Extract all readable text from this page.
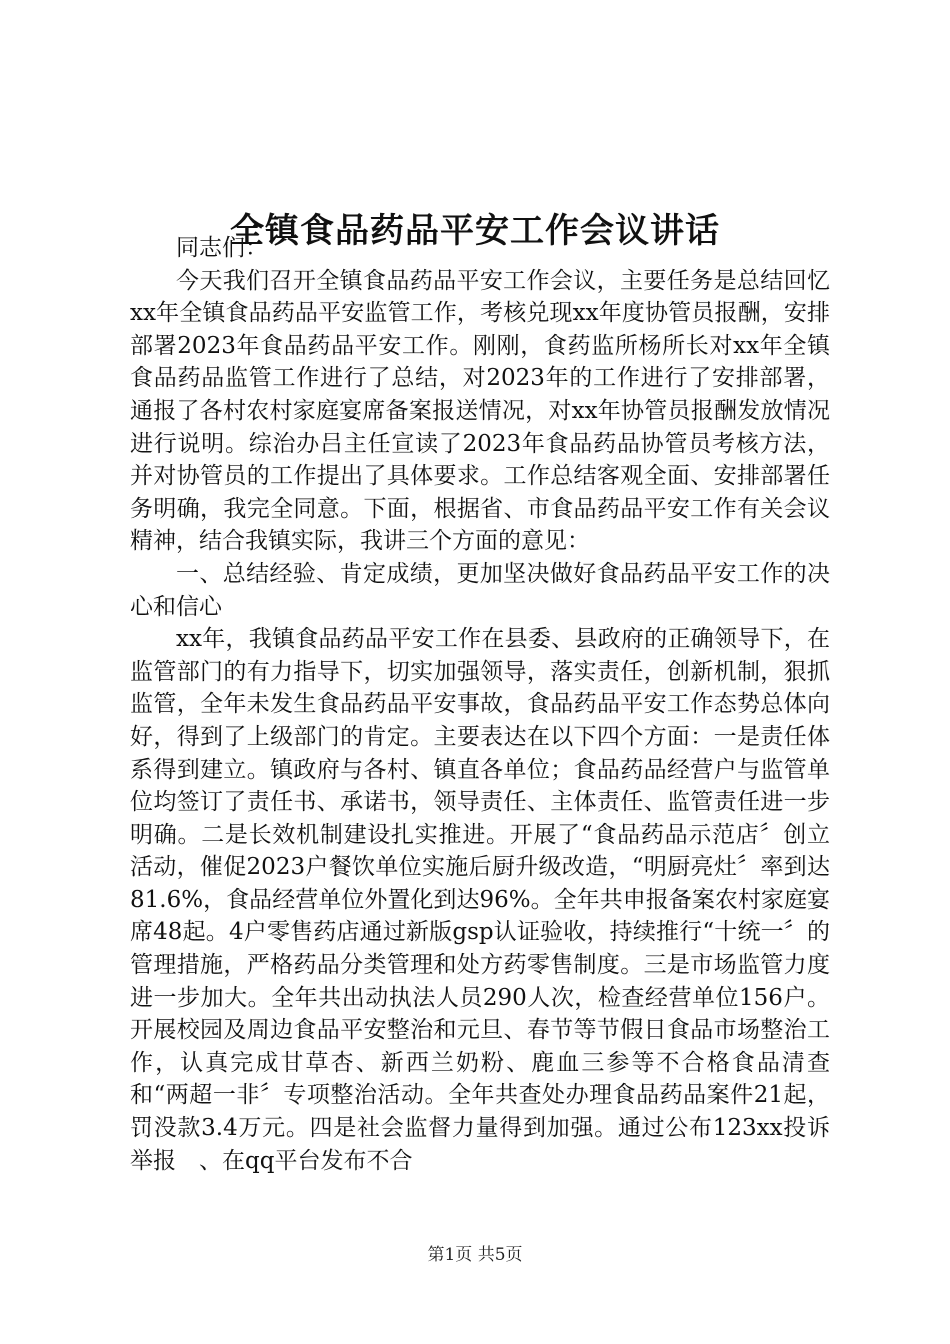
全镇食品药品平安工作会议讲话

同志们：

今天我们召开全镇食品药品平安工作会议，主要任务是总结回忆xx年全镇食品药品平安监管工作，考核兑现xx年度协管员报酬，安排部署2023年食品药品平安工作。刚刚，食药监所杨所长对xx年全镇食品药品监管工作进行了总结，对2023年的工作进行了安排部署，通报了各村农村家庭宴席备案报送情况，对xx年协管员报酬发放情况进行说明。综治办吕主任宣读了2023年食品药品协管员考核方法，并对协管员的工作提出了具体要求。工作总结客观全面、安排部署任务明确，我完全同意。下面，根据省、市食品药品平安工作有关会议精神，结合我镇实际，我讲三个方面的意见：

一、总结经验、肯定成绩，更加坚决做好食品药品平安工作的决心和信心

xx年，我镇食品药品平安工作在县委、县政府的正确领导下，在监管部门的有力指导下，切实加强领导，落实责任，创新机制，狠抓监管，全年未发生食品药品平安事故，食品药品平安工作态势总体向好，得到了上级部门的肯定。主要表达在以下四个方面：一是责任体系得到建立。镇政府与各村、镇直各单位；食品药品经营户与监管单位均签订了责任书、承诺书，领导责任、主体责任、监管责任进一步明确。二是长效机制建设扎实推进。开展了“食品药品示范店〞创立活动，催促2023户餐饮单位实施后厨升级改造，“明厨亮灶〞率到达81.6%，食品经营单位外置化到达96%。全年共申报备案农村家庭宴席48起。4户零售药店通过新版gsp认证验收，持续推行“十统一〞的管理措施，严格药品分类管理和处方药零售制度。三是市场监管力度进一步加大。全年共出动执法人员290人次，检查经营单位156户。开展校园及周边食品平安整治和元旦、春节等节假日食品市场整治工作，认真完成甘草杏、新西兰奶粉、鹿血三参等不合格食品清查和“两超一非〞专项整治活动。全年共查处办理食品药品案件21起，罚没款3.4万元。四是社会监督力量得到加强。通过公布123xx投诉举报　、在qq平台发布不合

第1页 共5页
